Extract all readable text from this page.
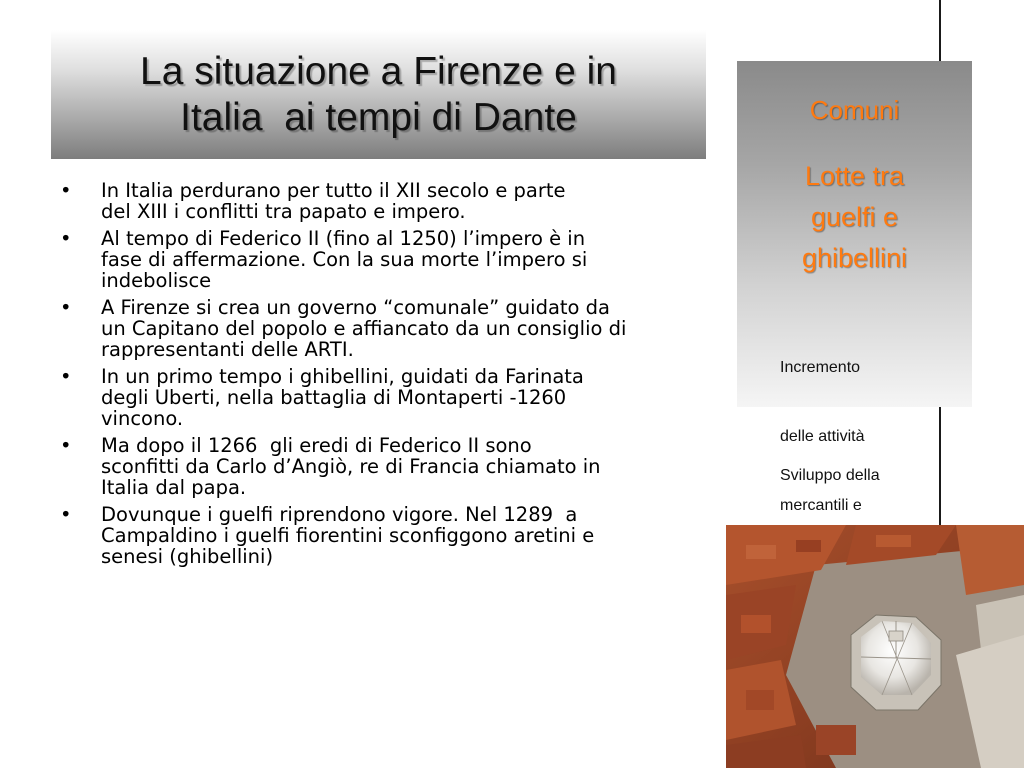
La situazione a Firenze e in
Italia  ai tempi di Dante
•	In Italia perdurano per tutto il XII secolo e parte
del XIII i conflitti tra papato e impero.
•	Al tempo di Federico II (fino al 1250) l’impero è in
fase di affermazione. Con la sua morte l’impero si
indebolisce
•	A Firenze si crea un governo “comunale” guidato da
un Capitano del popolo e affiancato da un consiglio di
rappresentanti delle ARTI.
•	In un primo tempo i ghibellini, guidati da Farinata
degli Uberti, nella battaglia di Montaperti -1260
vincono.
•	Ma dopo il 1266  gli eredi di Federico II sono
sconfitti da Carlo d’Angiò, re di Francia chiamato in
Italia dal papa.
•	Dovunque i guelfi riprendono vigore. Nel 1289  a
Campaldino i guelfi fiorentini sconfiggono aretini e
senesi (ghibellini)
Comuni
Lotte tra
guelfi e
ghibellini

Incremento

delle attività

mercantili e

Sviluppo della
